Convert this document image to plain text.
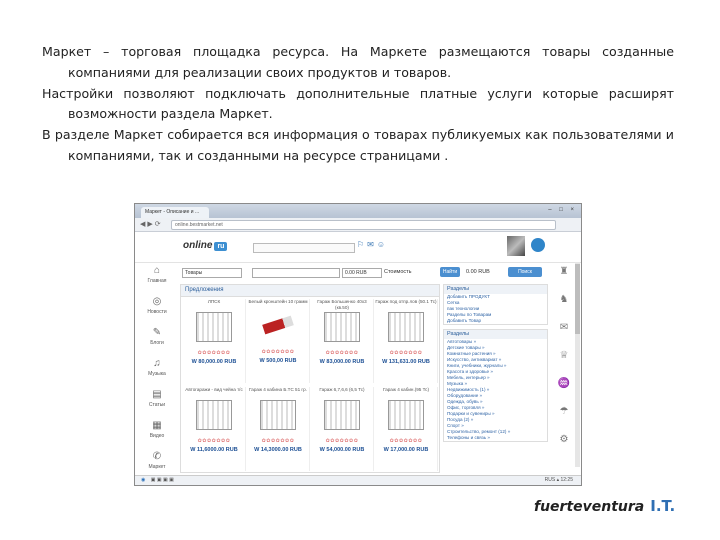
Маркет – торговая площадка ресурса. На Маркете размещаются товары созданные компаниями для реализации своих продуктов и товаров.

Настройки позволяют подключать дополнительные платные услуги которые расширят возможности раздела Маркет.

В разделе Маркет собирается вся информация о товарах публикуемых как пользователями и компаниями, так и созданными на ресурсе страницами .

Маркет - Описание и ...	– □ ×
◀▶⟳	online.bestmarket.net
online ru	⚐✉☺
⌂
Главная
◎
Новости
✎
Блоги
♫
Музыка
▤
Статьи
▦
Видео
✆
Маркет
Товары	0.00 RUB	Стоимость	Найти	0.00 RUB	Поиск
Предложения
ЛПСК
✿✿✿✿✿✿✿
W 80,000.00 RUB
Белый кронштейн 10 грамм
✿✿✿✿✿✿✿
W 500,00 RUB
Гараж Большенко 40х3 (кв.50)
✿✿✿✿✿✿✿
W 83,000.00 RUB
Гараж под отпр.лов (50.1 Тс)
✿✿✿✿✿✿✿
W 131,631.00 RUB
Автогаражи - вид чейна т/с
✿✿✿✿✿✿✿
W 11,6000.00 RUB
Гараж 4 кабина Б.ТС 51 гр.
✿✿✿✿✿✿✿
W 14,3000.00 RUB
Гараж 6,7,6,6 (6,5 Тс)
✿✿✿✿✿✿✿
W 54,000.00 RUB
Гараж 4 кабин.(95 Тс)
✿✿✿✿✿✿✿
W 17,000.00 RUB
Разделы
Добавить ПРОДУКТ
Сетка
пак технологии
Разделы по Товарам
Добавить Товар
Разделы
Автотовары »
Детские товары »
Комнатные растения »
Искусство, антиквариат »
Книги, учебники, журналы »
Красота и здоровье »
Мебель, интерьер »
Музыка »
Недвижимость (1) »
Оборудование »
Одежда, обувь »
Офис, торговля »
Подарки и сувениры »
Посуда (2) »
Спорт »
Строительство, ремонт (12) »
Телефоны и связь »
♜
♞
✉
♕
♒
☂
⚙
◉ ▣ ▣ ▣ ▣	RUS ▴ 12:25
fuerteventura I.T.
